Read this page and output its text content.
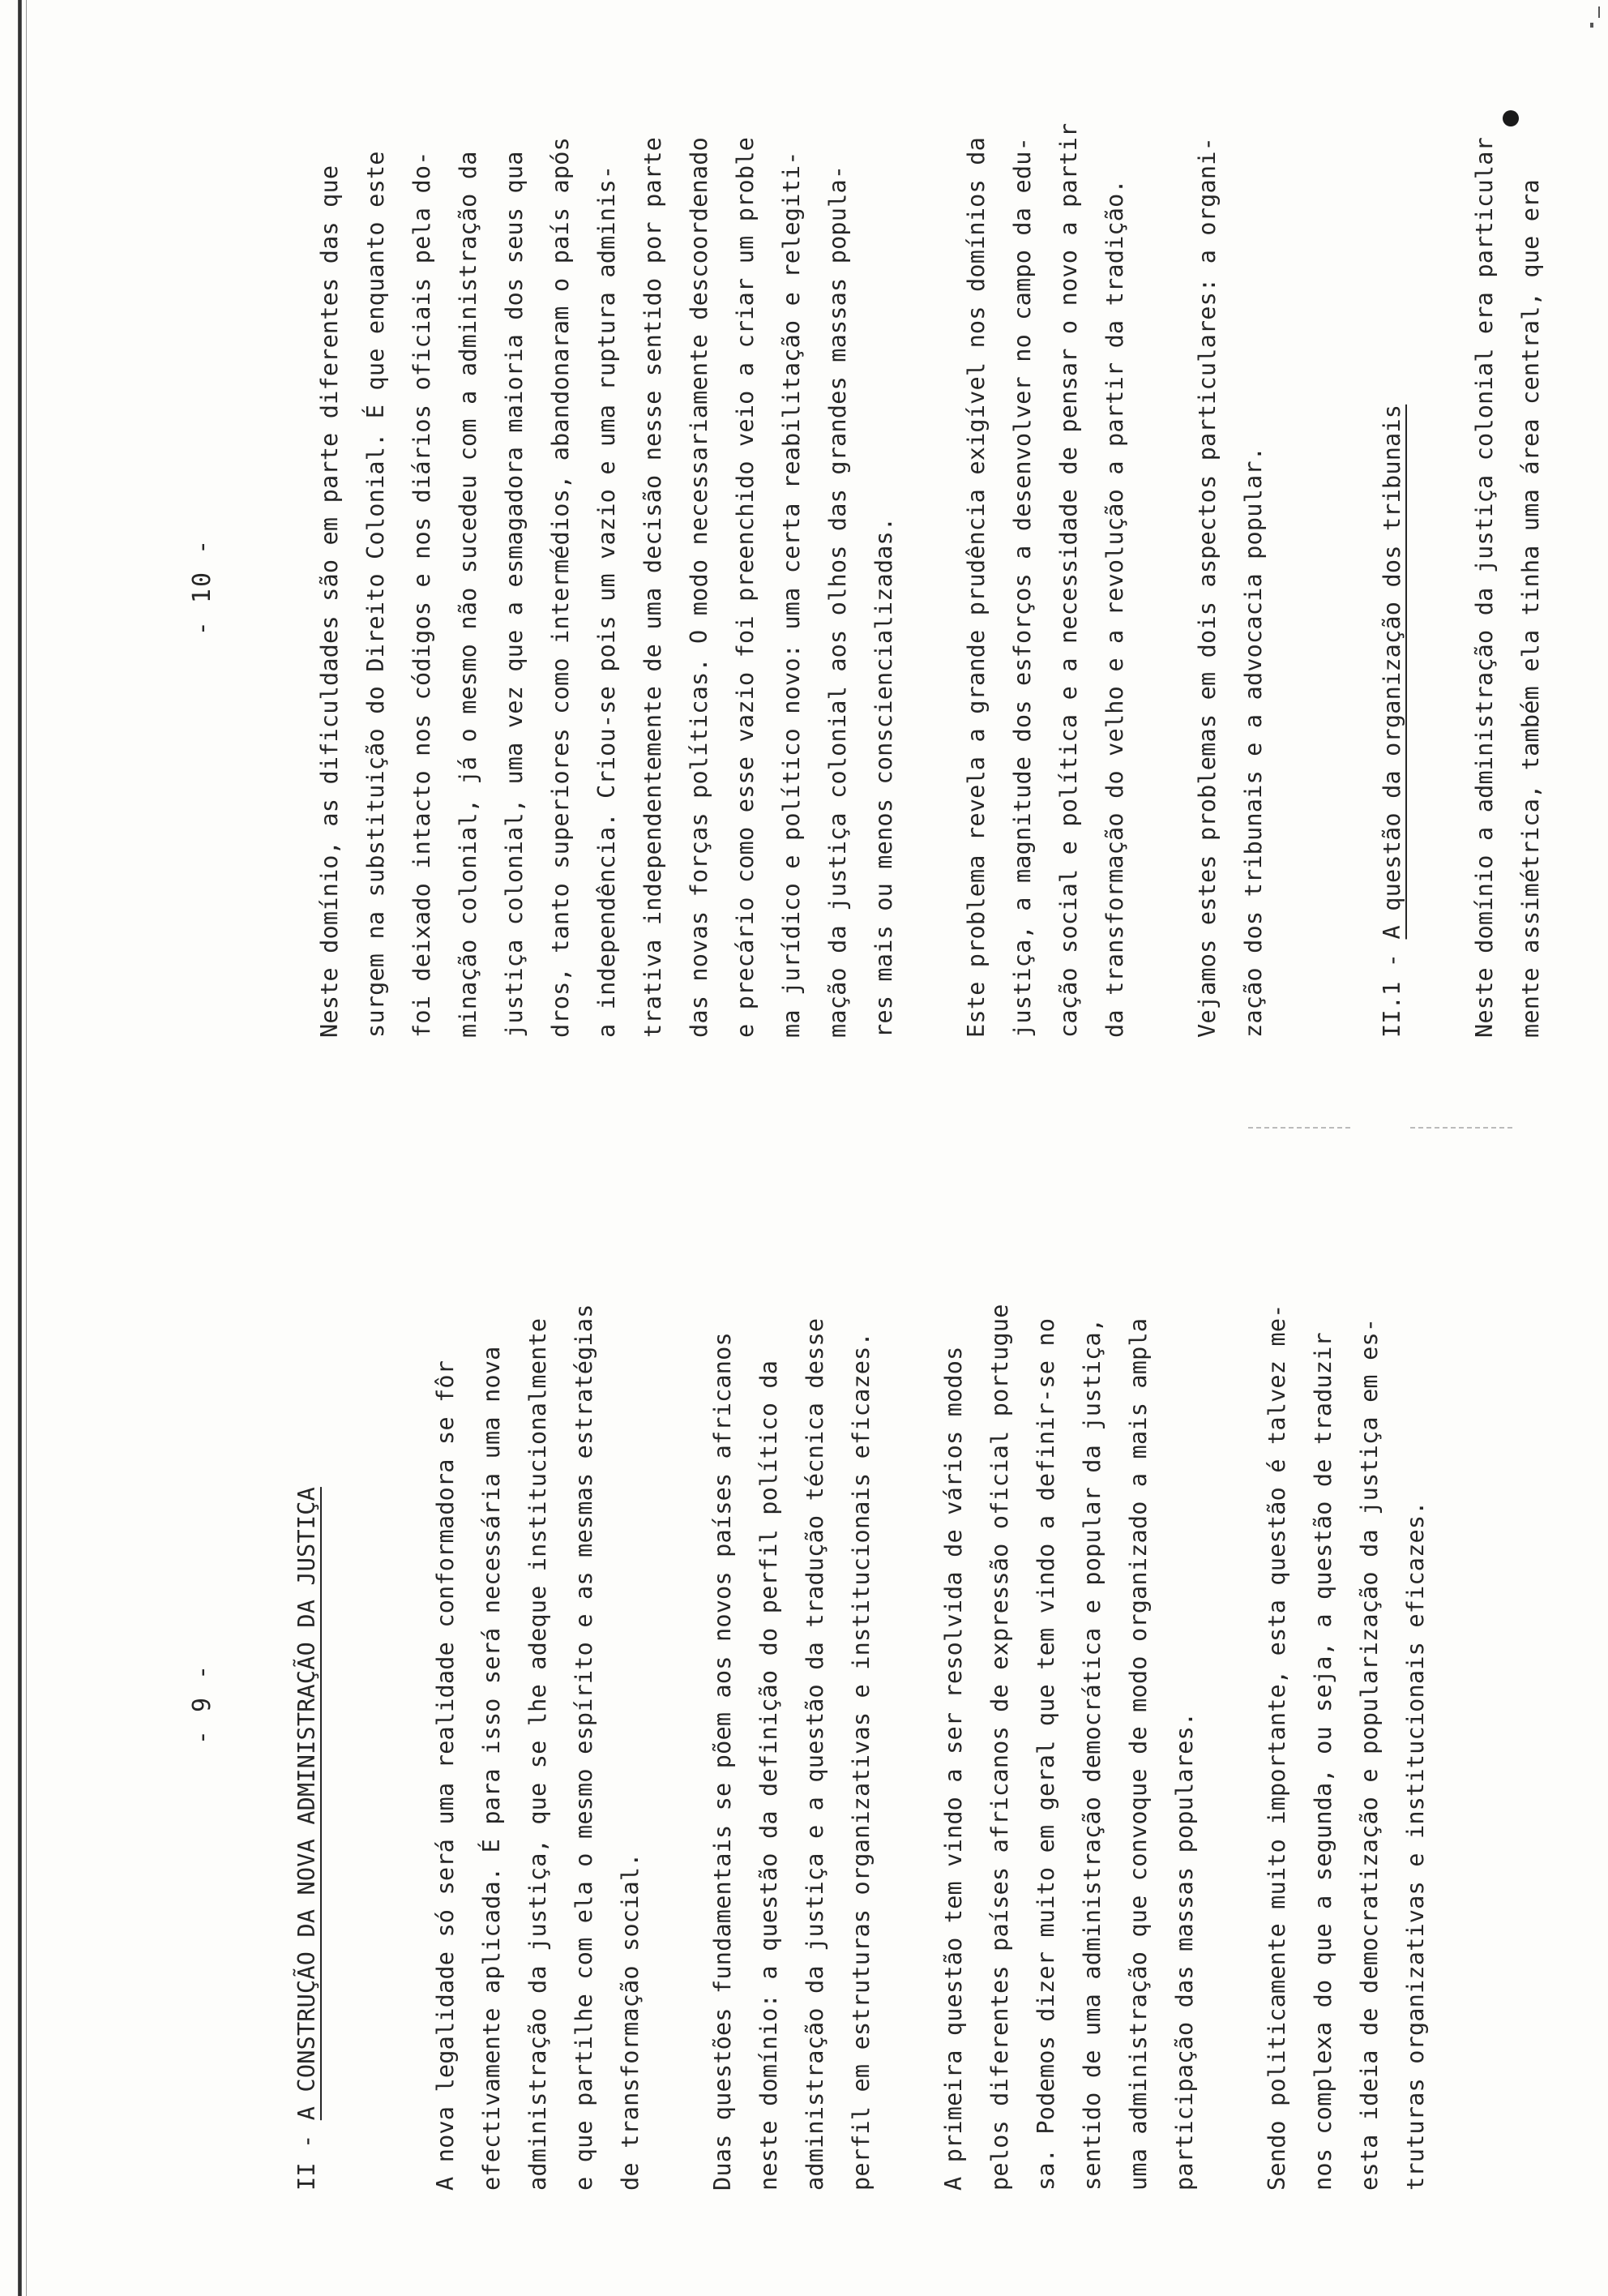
- 9 -
II - A CONSTRUÇÃO DA NOVA ADMINISTRAÇÃO DA JUSTIÇA	A nova legalidade só será uma realidade conformadora se fôr efectivamente aplicada. É para isso será necessária uma nova administração da justiça, que se lhe adeque institucionalmente e que partilhe com ela o mesmo espírito e as mesmas estratégias de transformação social.	Duas questões fundamentais se põem aos novos países africanos neste domínio: a questão da definição do perfil político da administração da justiça e a questão da tradução técnica desse perfil em estruturas organizativas e institucionais eficazes.	A primeira questão tem vindo a ser resolvida de vários modos pelos diferentes países africanos de expressão oficial portugue sa. Podemos dizer muito em geral que tem vindo a definir-se no sentido de uma administração democrática e popular da justiça, uma administração que convoque de modo organizado a mais ampla participação das massas populares.	Sendo politicamente muito importante, esta questão é talvez me- nos complexa do que a segunda, ou seja, a questão de traduzir esta ideia de democratização e popularização da justiça em es- truturas organizativas e institucionais eficazes.
- 10 -	Neste domínio, as dificuldades são em parte diferentes das que surgem na substituição do Direito Colonial. É que enquanto este foi deixado intacto nos códigos e nos diários oficiais pela do- minação colonial, já o mesmo não sucedeu com a administração da justiça colonial, uma vez que a esmagadora maioria dos seus qua dros, tanto superiores como intermédios, abandonaram o país após a independência. Criou-se pois um vazio e uma ruptura adminis- trativa independentemente de uma decisão nesse sentido por parte das novas forças políticas. O modo necessariamente descoordenado e precário como esse vazio foi preenchido veio a criar um proble ma jurídico e político novo: uma certa reabilitação e relegiti- mação da justiça colonial aos olhos das grandes massas popula- res mais ou menos consciencializadas.	Este problema revela a grande prudência exigível nos domínios da justiça, a magnitude dos esforços a desenvolver no campo da edu- cação social e política e a necessidade de pensar o novo a partir da transformação do velho e a revolução a partir da tradição.	Vejamos estes problemas em dois aspectos particulares: a organi- zação dos tribunais e a advocacia popular.	II.1 - A questão da organização dos tribunais	Neste domínio a administração da justiça colonial era particular mente assimétrica, também ela tinha uma área central, que era
